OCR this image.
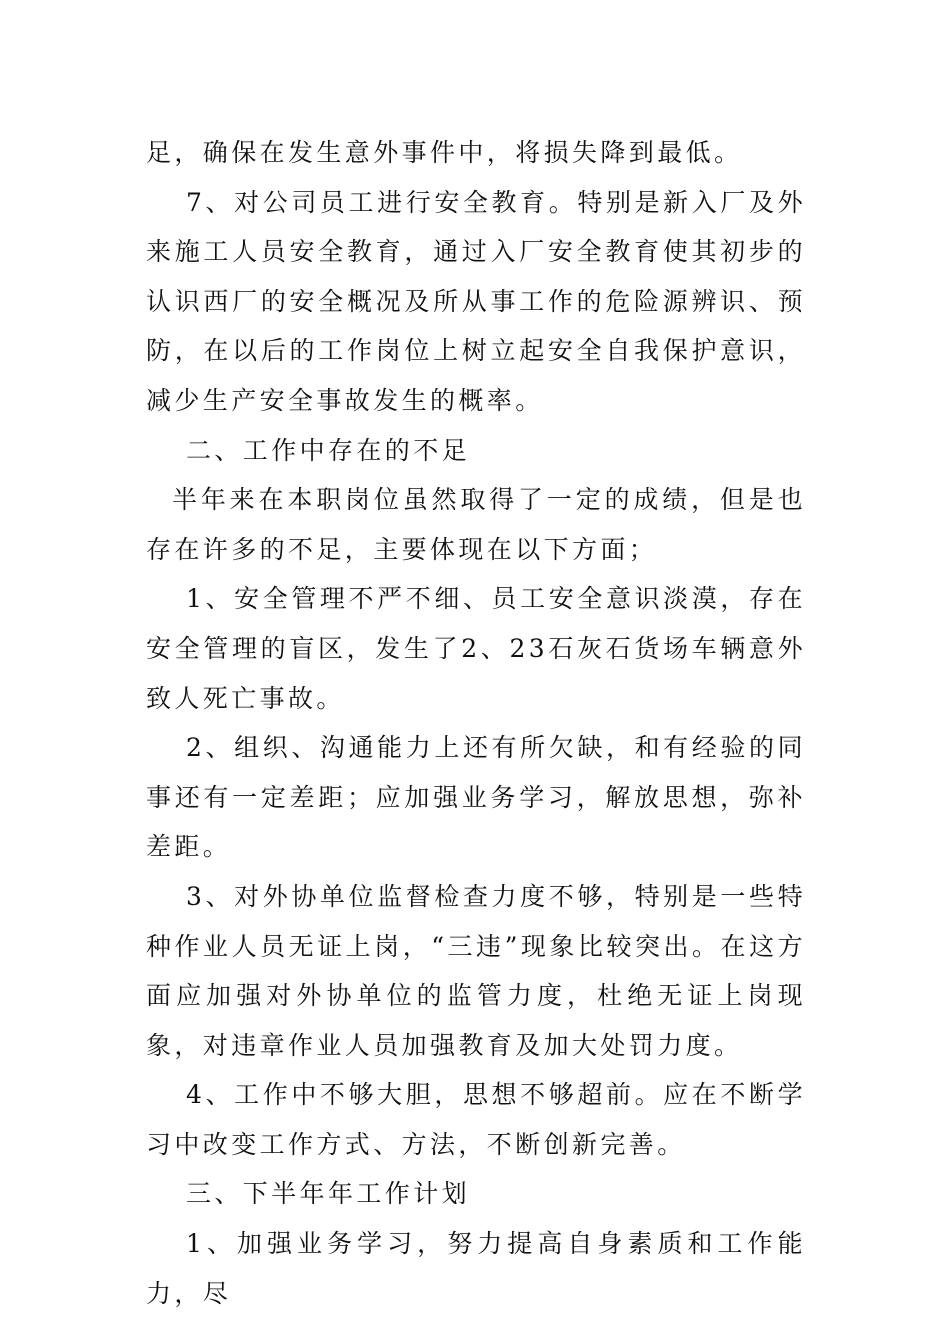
足，确保在发生意外事件中，将损失降到最低。

7、对公司员工进行安全教育。特别是新入厂及外来施工人员安全教育，通过入厂安全教育使其初步的认识西厂的安全概况及所从事工作的危险源辨识、预防，在以后的工作岗位上树立起安全自我保护意识，减少生产安全事故发生的概率。

二、工作中存在的不足

半年来在本职岗位虽然取得了一定的成绩，但是也存在许多的不足，主要体现在以下方面；

1、安全管理不严不细、员工安全意识淡漠，存在安全管理的盲区，发生了2、23石灰石货场车辆意外致人死亡事故。

2、组织、沟通能力上还有所欠缺，和有经验的同事还有一定差距；应加强业务学习，解放思想，弥补差距。

3、对外协单位监督检查力度不够，特别是一些特种作业人员无证上岗，“三违”现象比较突出。在这方面应加强对外协单位的监管力度，杜绝无证上岗现象，对违章作业人员加强教育及加大处罚力度。

4、工作中不够大胆，思想不够超前。应在不断学习中改变工作方式、方法，不断创新完善。

三、下半年年工作计划

1、加强业务学习，努力提高自身素质和工作能力，尽
